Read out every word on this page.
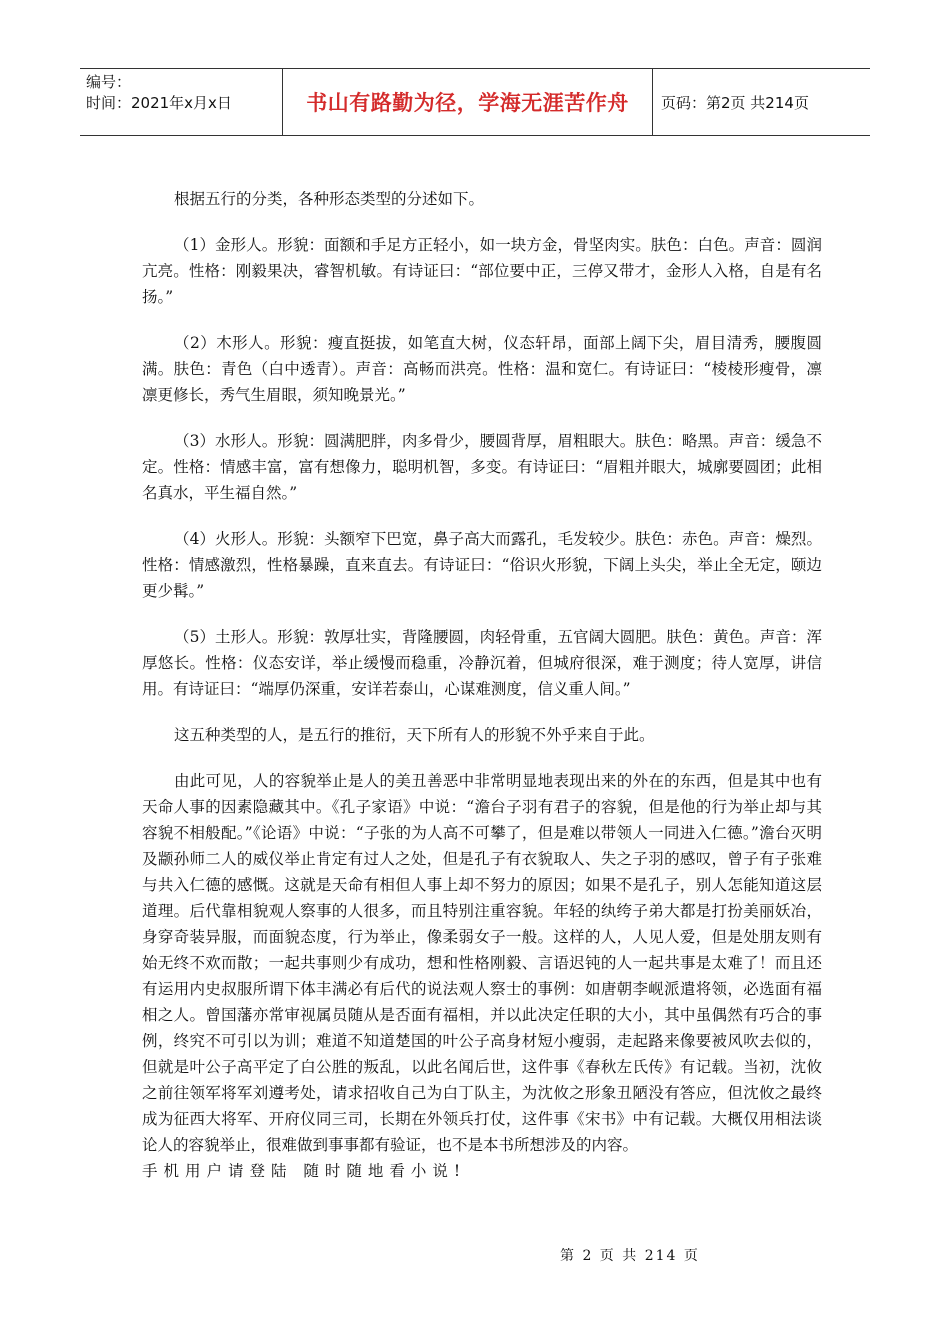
编号：
时间：2021年x月x日	书山有路勤为径，学海无涯苦作舟 页码：第2页 共214页

根据五行的分类，各种形态类型的分述如下。

（1）金形人。形貌：面额和手足方正轻小，如一块方金，骨坚肉实。肤色：白色。声音：圆润亢亮。性格：刚毅果决，睿智机敏。有诗证曰：“部位要中正，三停又带才，金形人入格，自是有名扬。”

（2）木形人。形貌：瘦直挺拔，如笔直大树，仪态轩昂，面部上阔下尖，眉目清秀，腰腹圆满。肤色：青色（白中透青）。声音：高畅而洪亮。性格：温和宽仁。有诗证曰：“棱棱形瘦骨，凛凛更修长，秀气生眉眼，须知晚景光。”

（3）水形人。形貌：圆满肥胖，肉多骨少，腰圆背厚，眉粗眼大。肤色：略黑。声音：缓急不定。性格：情感丰富，富有想像力，聪明机智，多变。有诗证曰：“眉粗并眼大，城廓要圆团；此相名真水，平生福自然。”

（4）火形人。形貌：头额窄下巴宽，鼻子高大而露孔，毛发较少。肤色：赤色。声音：燥烈。性格：情感激烈，性格暴躁，直来直去。有诗证曰：“俗识火形貌，下阔上头尖，举止全无定，颐边更少髯。”

（5）土形人。形貌：敦厚壮实，背隆腰圆，肉轻骨重，五官阔大圆肥。肤色：黄色。声音：浑厚悠长。性格：仪态安详，举止缓慢而稳重，冷静沉着，但城府很深，难于测度；待人宽厚，讲信用。有诗证曰：“端厚仍深重，安详若泰山，心谋难测度，信义重人间。”

这五种类型的人，是五行的推衍，天下所有人的形貌不外乎来自于此。

由此可见，人的容貌举止是人的美丑善恶中非常明显地表现出来的外在的东西，但是其中也有天命人事的因素隐藏其中。《孔子家语》中说：“澹台子羽有君子的容貌，但是他的行为举止却与其容貌不相般配。”《论语》中说：“子张的为人高不可攀了，但是难以带领人一同进入仁德。”澹台灭明及颛孙师二人的威仪举止肯定有过人之处，但是孔子有衣貌取人、失之子羽的感叹，曾子有子张难与共入仁德的感慨。这就是天命有相但人事上却不努力的原因；如果不是孔子，别人怎能知道这层道理。后代靠相貌观人察事的人很多，而且特别注重容貌。年轻的纨绔子弟大都是打扮美丽妖冶，身穿奇装异服，而面貌态度，行为举止，像柔弱女子一般。这样的人，人见人爱，但是处朋友则有始无终不欢而散；一起共事则少有成功，想和性格刚毅、言语迟钝的人一起共事是太难了！而且还有运用内史叔服所谓下体丰满必有后代的说法观人察士的事例：如唐朝李岘派遣将领，必选面有福相之人。曾国藩亦常审视属员随从是否面有福相，并以此决定任职的大小，其中虽偶然有巧合的事例，终究不可引以为训；难道不知道楚国的叶公子高身材短小瘦弱，走起路来像要被风吹去似的，但就是叶公子高平定了白公胜的叛乱，以此名闻后世，这件事《春秋左氏传》有记载。当初，沈攸之前往领军将军刘遵考处，请求招收自己为白丁队主，为沈攸之形象丑陋没有答应，但沈攸之最终成为征西大将军、开府仪同三司，长期在外领兵打仗，这件事《宋书》中有记载。大概仅用相法谈论人的容貌举止，很难做到事事都有验证，也不是本书所想涉及的内容。

手机用户请登陆 随时随地看小说!

第 2 页 共 214 页
